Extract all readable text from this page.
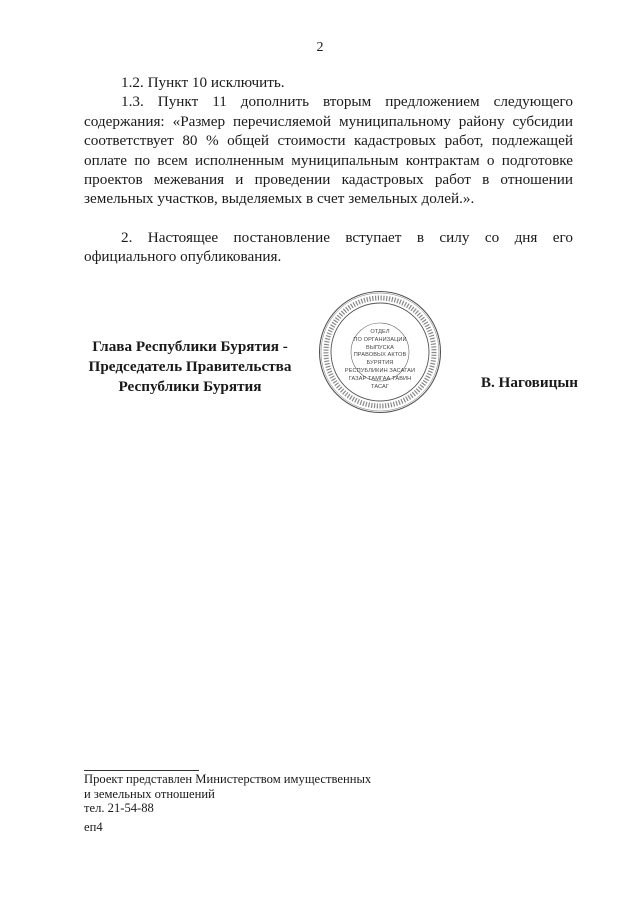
2

1.2. Пункт 10 исключить.

1.3. Пункт 11 дополнить вторым предложением следующего содержания: «Размер перечисляемой муниципальному району субсидии соответствует 80 % общей стоимости кадастровых работ, подлежащей оплате по всем исполненным муниципальным контрактам о подготовке проектов межевания и проведении кадастровых работ в отношении земельных участков, выделяемых в счет земельных долей.».

2. Настоящее постановление вступает в силу со дня его официального опубликования.

Глава Республики Бурятия -
Председатель Правительства
Республики Бурятия
ОТДЕЛ
ПО ОРГАНИЗАЦИИ
ВЫПУСКА
ПРАВОВЫХ АКТОВ
БУРЯТИЯ
РЕСПУБЛИКИН ЗАСАГАЙ
ГАЗАР ТАМГАА ТАВИН
ТАСАГ	В. Наговицын
Проект представлен Министерством имущественных
и земельных отношений
тел. 21-54-88
еп4
